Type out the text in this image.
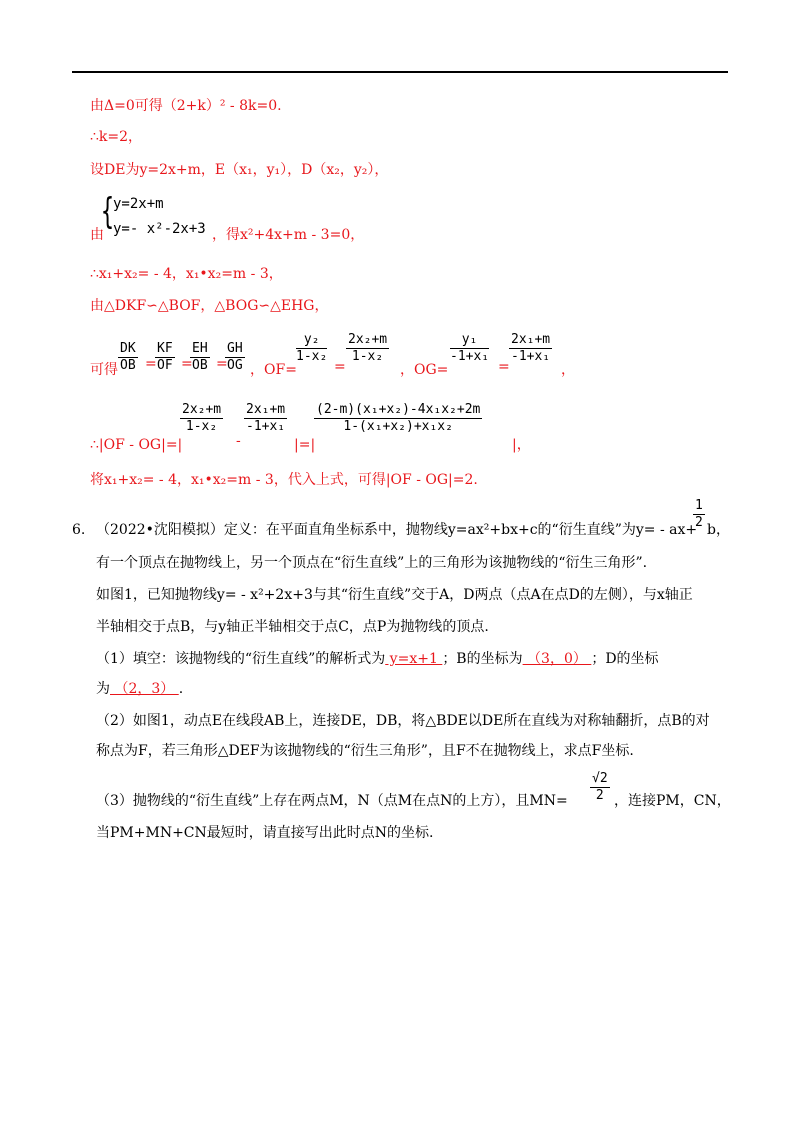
由Δ=0可得（2+k）² - 8k=0.
∴k=2，
设DE为y=2x+m，E（x₁，y₁），D（x₂，y₂），
{
y=2x+m
y=- x²-2x+3
由	，得x²+4x+m - 3=0，
∴x₁+x₂= - 4，x₁•x₂=m - 3，
由△DKF∽△BOF，△BOG∽△EHG，
可得 $\frac{DK}{OB}$ =
$\frac{KF}{OF}$ =
$\frac{EH}{OB}$ =
$\frac{GH}{OG}$ ，OF=
$\frac{\text{y₂}}{\text{1-x₂}}$
=
$\frac{\text{2x₂+m}}{\text{1-x₂}}$
，OG=
$\frac{\text{y₁}}{\text{-1+x₁}}$
=
$\frac{\text{2x₁+m}}{\text{-1+x₁}}$
，
∴|OF - OG|=|
$\frac{\text{2x₂+m}}{\text{1-x₂}}$
-
$\frac{\text{2x₁+m}}{\text{-1+x₁}}$
|=|
$\frac{\text{(2-m)(x₁+x₂)-4x₁x₂+2m}}{\text{1-(x₁+x₂)+x₁x₂}}$
|，
将x₁+x₂= - 4，x₁•x₂=m - 3，代入上式，可得|OF - OG|=2.
6. （2022•沈阳模拟）定义：在平面直角坐标系中，抛物线y=ax²+bx+c的“衍生直线”为y= - ax+
$\frac{1}{2}$ b，
有一个顶点在抛物线上，另一个顶点在“衍生直线”上的三角形为该抛物线的“衍生三角形”.
如图1，已知抛物线y= - x²+2x+3与其“衍生直线”交于A，D两点（点A在点D的左侧），与x轴正
半轴相交于点B，与y轴正半轴相交于点C，点P为抛物线的顶点.
（1）填空：该抛物线的“衍生直线”的解析式为 y=x+1 ；B的坐标为 （3，0） ；D的坐标
为 （2，3） .
（2）如图1，动点E在线段AB上，连接DE，DB，将△BDE以DE所在直线为对称轴翻折，点B的对
称点为F，若三角形△DEF为该抛物线的“衍生三角形”，且F不在抛物线上，求点F坐标.
（3）抛物线的“衍生直线”上存在两点M，N（点M在点N的上方），且$MN= \frac{√2}{2}$ ，连接PM，CN，
当PM+MN+CN最短时，请直接写出此时点N的坐标.
